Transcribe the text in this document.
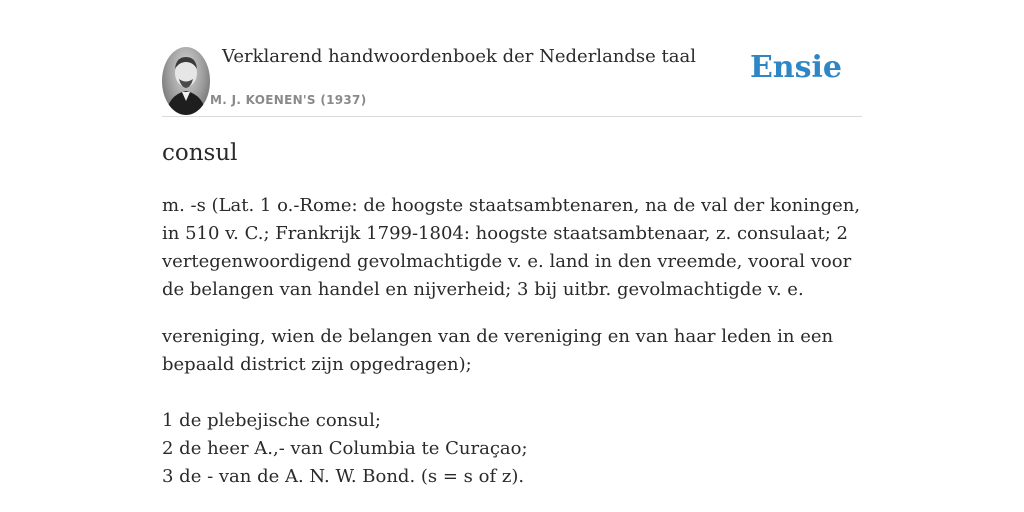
Verklarend handwoordenboek der Nederlandse taal
M. J. KOENEN'S (1937)
Ensie
consul

m. -s (Lat. 1 o.-Rome: de hoogste staatsambtenaren, na de val der koningen, in 510 v. C.; Frankrijk 1799-1804: hoogste staatsambtenaar, z. consulaat; 2 vertegenwoordigend gevolmachtigde v. e. land in den vreemde, vooral voor de belangen van handel en nijverheid; 3 bij uitbr. gevolmachtigde v. e.

vereniging, wien de belangen van de vereniging en van haar leden in een bepaald district zijn opgedragen);

1 de plebejische consul;
2 de heer A.,- van Columbia te Curaçao;
3 de - van de A. N. W. Bond. (s = s of z).
